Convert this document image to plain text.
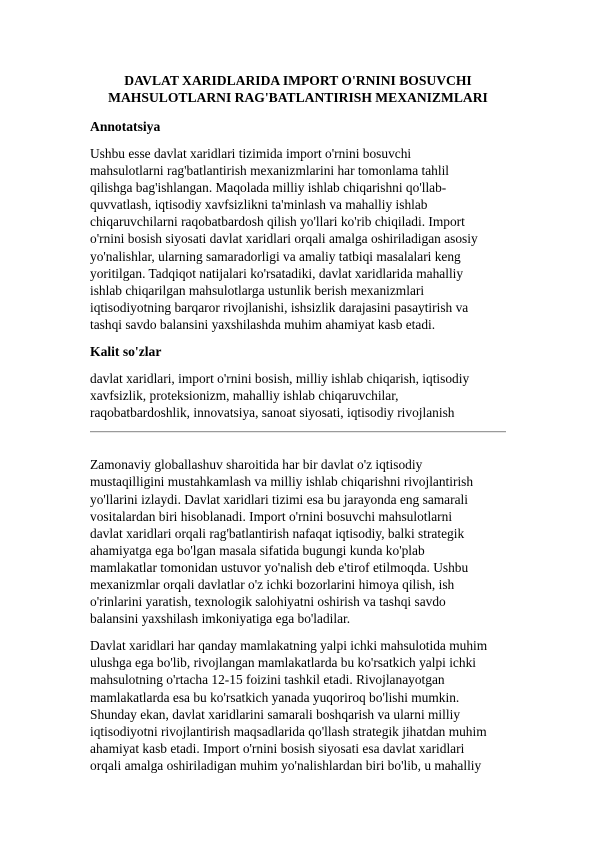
DAVLAT XARIDLARIDA IMPORT O'RNINI BOSUVCHI
MAHSULOTLARNI RAG'BATLANTIRISH MEXANIZMLARI
Annotatsiya
Ushbu esse davlat xaridlari tizimida import o'rnini bosuvchi
mahsulotlarni rag'batlantirish mexanizmlarini har tomonlama tahlil
qilishga bag'ishlangan. Maqolada milliy ishlab chiqarishni qo'llab-
quvvatlash, iqtisodiy xavfsizlikni ta'minlash va mahalliy ishlab
chiqaruvchilarni raqobatbardosh qilish yo'llari ko'rib chiqiladi. Import
o'rnini bosish siyosati davlat xaridlari orqali amalga oshiriladigan asosiy
yo'nalishlar, ularning samaradorligi va amaliy tatbiqi masalalari keng
yoritilgan. Tadqiqot natijalari ko'rsatadiki, davlat xaridlarida mahalliy
ishlab chiqarilgan mahsulotlarga ustunlik berish mexanizmlari
iqtisodiyotning barqaror rivojlanishi, ishsizlik darajasini pasaytirish va
tashqi savdo balansini yaxshilashda muhim ahamiyat kasb etadi.
Kalit so'zlar
davlat xaridlari, import o'rnini bosish, milliy ishlab chiqarish, iqtisodiy
xavfsizlik, proteksionizm, mahalliy ishlab chiqaruvchilar,
raqobatbardoshlik, innovatsiya, sanoat siyosati, iqtisodiy rivojlanish
Zamonaviy globallashuv sharoitida har bir davlat o'z iqtisodiy
mustaqilligini mustahkamlash va milliy ishlab chiqarishni rivojlantirish
yo'llarini izlaydi. Davlat xaridlari tizimi esa bu jarayonda eng samarali
vositalardan biri hisoblanadi. Import o'rnini bosuvchi mahsulotlarni
davlat xaridlari orqali rag'batlantirish nafaqat iqtisodiy, balki strategik
ahamiyatga ega bo'lgan masala sifatida bugungi kunda ko'plab
mamlakatlar tomonidan ustuvor yo'nalish deb e'tirof etilmoqda. Ushbu
mexanizmlar orqali davlatlar o'z ichki bozorlarini himoya qilish, ish
o'rinlarini yaratish, texnologik salohiyatni oshirish va tashqi savdo
balansini yaxshilash imkoniyatiga ega bo'ladilar.
Davlat xaridlari har qanday mamlakatning yalpi ichki mahsulotida muhim
ulushga ega bo'lib, rivojlangan mamlakatlarda bu ko'rsatkich yalpi ichki
mahsulotning o'rtacha 12-15 foizini tashkil etadi. Rivojlanayotgan
mamlakatlarda esa bu ko'rsatkich yanada yuqoriroq bo'lishi mumkin.
Shunday ekan, davlat xaridlarini samarali boshqarish va ularni milliy
iqtisodiyotni rivojlantirish maqsadlarida qo'llash strategik jihatdan muhim
ahamiyat kasb etadi. Import o'rnini bosish siyosati esa davlat xaridlari
orqali amalga oshiriladigan muhim yo'nalishlardan biri bo'lib, u mahalliy
